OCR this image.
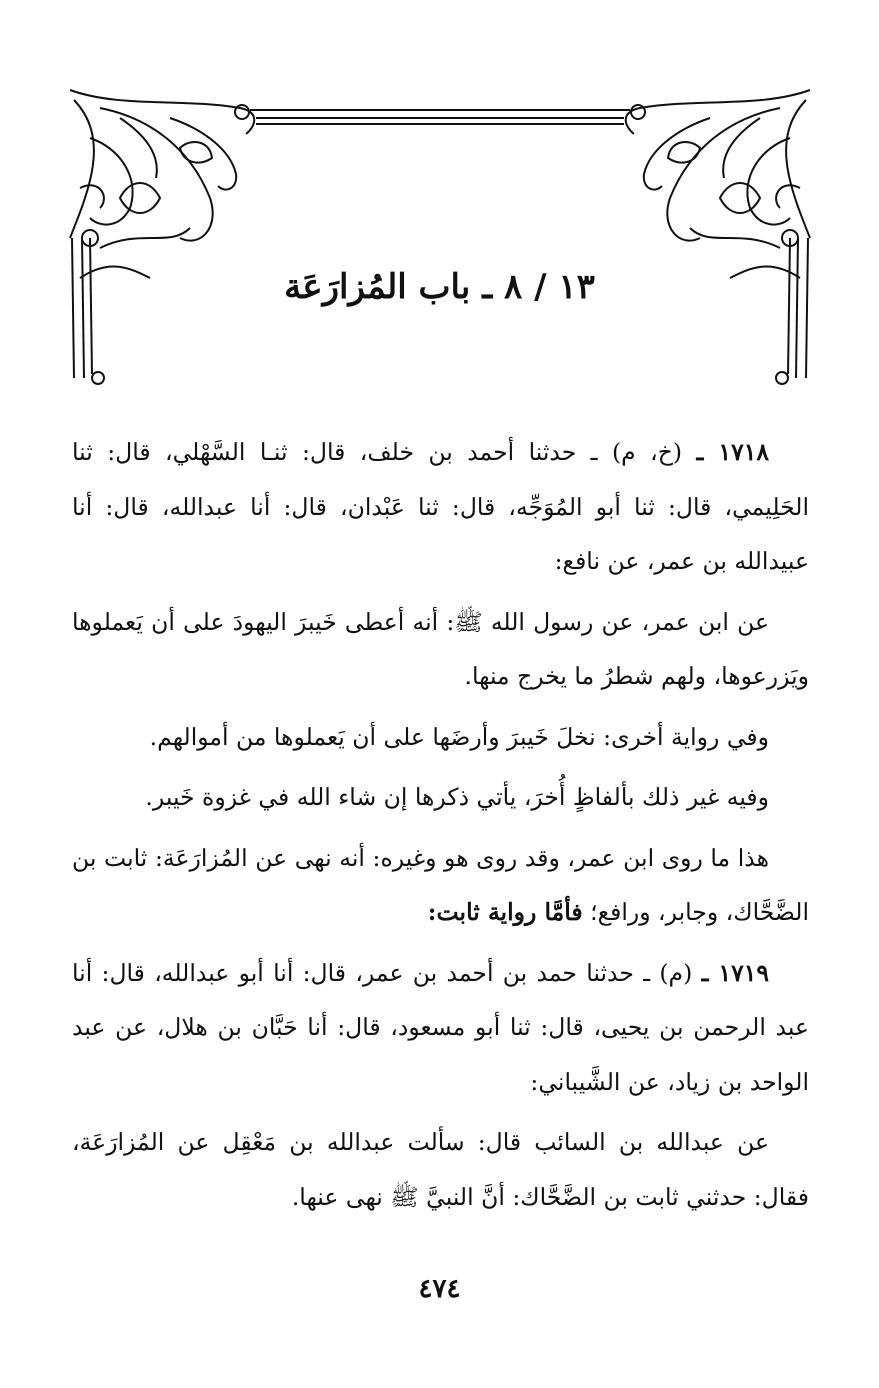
١٣ / ٨ ـ باب المُزارَعَة

١٧١٨ ـ (خ، م) ـ حدثنا أحمد بن خلف، قال: ثنـا السَّهْلي، قال: ثنا الحَلِيمي، قال: ثنا أبو المُوَجِّه، قال: ثنا عَبْدان، قال: أنا عبدالله، قال: أنا عبيدالله بن عمر، عن نافع:

عن ابن عمر، عن رسول الله ﷺ: أنه أعطى خَيبرَ اليهودَ على أن يَعملوها ويَزرعوها، ولهم شطرُ ما يخرج منها.

وفي رواية أخرى: نخلَ خَيبرَ وأرضَها على أن يَعملوها من أموالهم.

وفيه غير ذلك بألفاظٍ أُخرَ، يأتي ذكرها إن شاء الله في غزوة خَيبر.

هذا ما روى ابن عمر، وقد روى هو وغيره: أنه نهى عن المُزارَعَة: ثابت بن الضَّحَّاك، وجابر، ورافع؛ فأمَّا رواية ثابت:

١٧١٩ ـ (م) ـ حدثنا حمد بن أحمد بن عمر، قال: أنا أبو عبدالله، قال: أنا عبد الرحمن بن يحيى، قال: ثنا أبو مسعود، قال: أنا حَبَّان بن هلال، عن عبد الواحد بن زياد، عن الشَّيباني:

عن عبدالله بن السائب قال: سألت عبدالله بن مَعْقِل عن المُزارَعَة، فقال: حدثني ثابت بن الضَّحَّاك: أنَّ النبيَّ ﷺ نهى عنها.

٤٧٤
